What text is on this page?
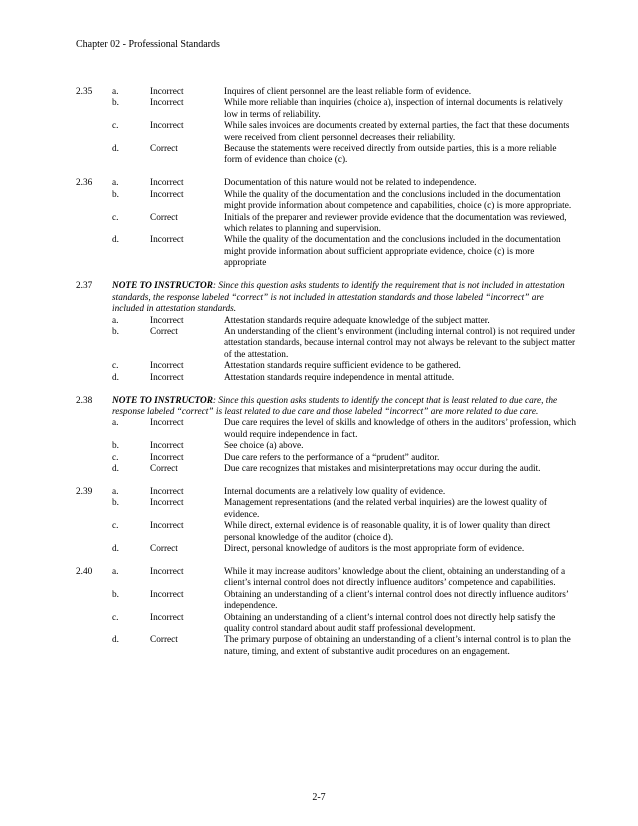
Chapter 02 - Professional Standards
2.35	a.	Incorrect	Inquires of client personnel are the least reliable form of evidence.
b.	Incorrect	While more reliable than inquiries (choice a), inspection of internal documents is relatively low in terms of reliability.
c.	Incorrect	While sales invoices are documents created by external parties, the fact that these documents were received from client personnel decreases their reliability.
d.	Correct	Because the statements were received directly from outside parties, this is a more reliable form of evidence than choice (c).
2.36	a.	Incorrect	Documentation of this nature would not be related to independence.
b.	Incorrect	While the quality of the documentation and the conclusions included in the documentation might provide information about competence and capabilities, choice (c) is more appropriate.
c.	Correct	Initials of the preparer and reviewer provide evidence that the documentation was reviewed, which relates to planning and supervision.
d.	Incorrect	While the quality of the documentation and the conclusions included in the documentation might provide information about sufficient appropriate evidence, choice (c) is more appropriate
2.37	NOTE TO INSTRUCTOR: Since this question asks students to identify the requirement that is not included in attestation standards, the response labeled “correct” is not included in attestation standards and those labeled “incorrect” are included in attestation standards.
a.	Incorrect	Attestation standards require adequate knowledge of the subject matter.
b.	Correct	An understanding of the client’s environment (including internal control) is not required under attestation standards, because internal control may not always be relevant to the subject matter of the attestation.
c.	Incorrect	Attestation standards require sufficient evidence to be gathered.
d.	Incorrect	Attestation standards require independence in mental attitude.
2.38	NOTE TO INSTRUCTOR: Since this question asks students to identify the concept that is least related to due care, the response labeled “correct” is least related to due care and those labeled “incorrect” are more related to due care.
a.	Incorrect	Due care requires the level of skills and knowledge of others in the auditors’ profession, which would require independence in fact.
b.	Incorrect	See choice (a) above.
c.	Incorrect	Due care refers to the performance of a “prudent” auditor.
d.	Correct	Due care recognizes that mistakes and misinterpretations may occur during the audit.
2.39	a.	Incorrect	Internal documents are a relatively low quality of evidence.
b.	Incorrect	Management representations (and the related verbal inquiries) are the lowest quality of evidence.
c.	Incorrect	While direct, external evidence is of reasonable quality, it is of lower quality than direct personal knowledge of the auditor (choice d).
d.	Correct	Direct, personal knowledge of auditors is the most appropriate form of evidence.
2.40	a.	Incorrect	While it may increase auditors’ knowledge about the client, obtaining an understanding of a client’s internal control does not directly influence auditors’ competence and capabilities.
b.	Incorrect	Obtaining an understanding of a client’s internal control does not directly influence auditors’ independence.
c.	Incorrect	Obtaining an understanding of a client’s internal control does not directly help satisfy the quality control standard about audit staff professional development.
d.	Correct	The primary purpose of obtaining an understanding of a client’s internal control is to plan the nature, timing, and extent of substantive audit procedures on an engagement.
2-7
